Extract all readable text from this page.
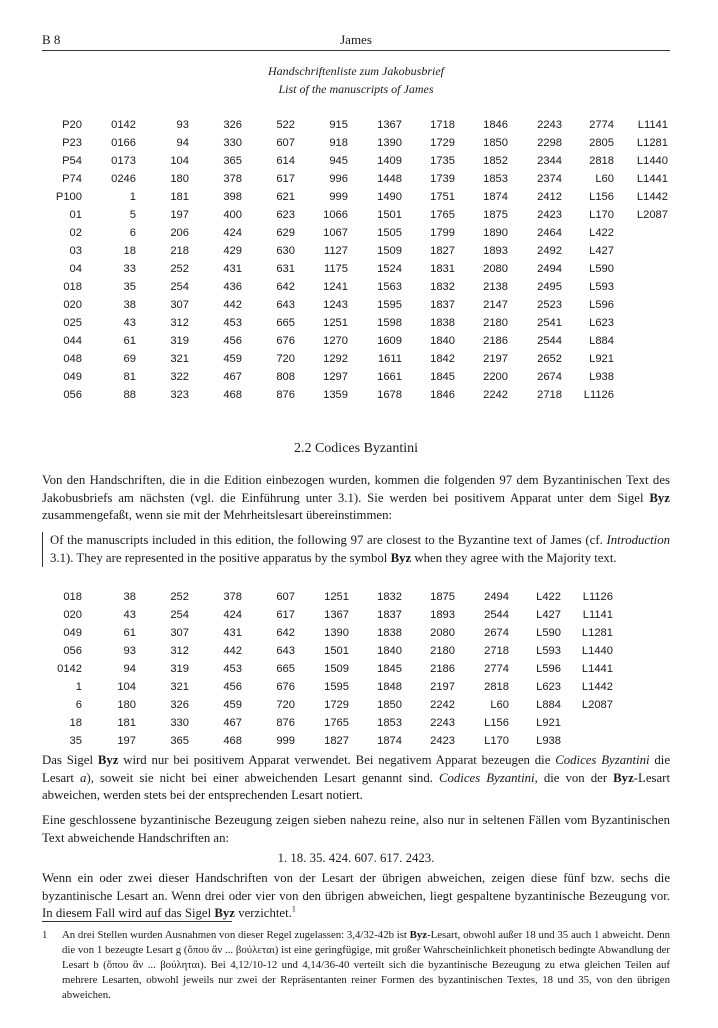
B 8	James
Handschriftenliste zum Jakobusbrief
List of the manuscripts of James
P20	0142	93	326	522	915	1367	1718	1846	2243	2774	L1141
P23	0166	94	330	607	918	1390	1729	1850	2298	2805	L1281
P54	0173	104	365	614	945	1409	1735	1852	2344	2818	L1440
P74	0246	180	378	617	996	1448	1739	1853	2374	L60	L1441
P100	1	181	398	621	999	1490	1751	1874	2412	L156	L1442
01	5	197	400	623	1066	1501	1765	1875	2423	L170	L2087
02	6	206	424	629	1067	1505	1799	1890	2464	L422	
03	18	218	429	630	1127	1509	1827	1893	2492	L427	
04	33	252	431	631	1175	1524	1831	2080	2494	L590	
018	35	254	436	642	1241	1563	1832	2138	2495	L593	
020	38	307	442	643	1243	1595	1837	2147	2523	L596	
025	43	312	453	665	1251	1598	1838	2180	2541	L623	
044	61	319	456	676	1270	1609	1840	2186	2544	L884	
048	69	321	459	720	1292	1611	1842	2197	2652	L921	
049	81	322	467	808	1297	1661	1845	2200	2674	L938	
056	88	323	468	876	1359	1678	1846	2242	2718	L1126	
2.2 Codices Byzantini
Von den Handschriften, die in die Edition einbezogen wurden, kommen die folgenden 97 dem Byzantinischen Text des Jakobusbriefs am nächsten (vgl. die Einführung unter 3.1). Sie werden bei positivem Apparat unter dem Sigel Byz zusammengefaßt, wenn sie mit der Mehrheitslesart übereinstimmen:
Of the manuscripts included in this edition, the following 97 are closest to the Byzantine text of James (cf. Introduction 3.1). They are represented in the positive apparatus by the symbol Byz when they agree with the Majority text.
018	38	252	378	607	1251	1832	1875	2494	L422	L1126
020	43	254	424	617	1367	1837	1893	2544	L427	L1141
049	61	307	431	642	1390	1838	2080	2674	L590	L1281
056	93	312	442	643	1501	1840	2180	2718	L593	L1440
0142	94	319	453	665	1509	1845	2186	2774	L596	L1441
1	104	321	456	676	1595	1848	2197	2818	L623	L1442
6	180	326	459	720	1729	1850	2242	L60	L884	L2087
18	181	330	467	876	1765	1853	2243	L156	L921	
35	197	365	468	999	1827	1874	2423	L170	L938	
Das Sigel Byz wird nur bei positivem Apparat verwendet. Bei negativem Apparat bezeugen die Codices Byzantini die Lesart a), soweit sie nicht bei einer abweichenden Lesart genannt sind. Codices Byzantini, die von der Byz-Lesart abweichen, werden stets bei der entsprechenden Lesart notiert.
Eine geschlossene byzantinische Bezeugung zeigen sieben nahezu reine, also nur in seltenen Fällen vom Byzantinischen Text abweichende Handschriften an:
1. 18. 35. 424. 607. 617. 2423.
Wenn ein oder zwei dieser Handschriften von der Lesart der übrigen abweichen, zeigen diese fünf bzw. sechs die byzantinische Lesart an. Wenn drei oder vier von den übrigen abweichen, liegt gespaltene byzantinische Bezeugung vor. In diesem Fall wird auf das Sigel Byz verzichtet.$^1$
1 An drei Stellen wurden Ausnahmen von dieser Regel zugelassen: 3,4/32-42b ist Byz-Lesart, obwohl außer 18 und 35 auch 1 abweicht. Denn die von 1 bezeugte Lesart g (ὅπου ἂν ... βούλεται) ist eine geringfügige, mit großer Wahrscheinlichkeit phonetisch bedingte Abwandlung der Lesart b (ὅπου ἂν ... βούληται). Bei 4,12/10-12 und 4,14/36-40 verteilt sich die byzantinische Bezeugung zu etwa gleichen Teilen auf mehrere Lesarten, obwohl jeweils nur zwei der Repräsentanten reiner Formen des byzantinischen Textes, 18 und 35, von den übrigen abweichen.
